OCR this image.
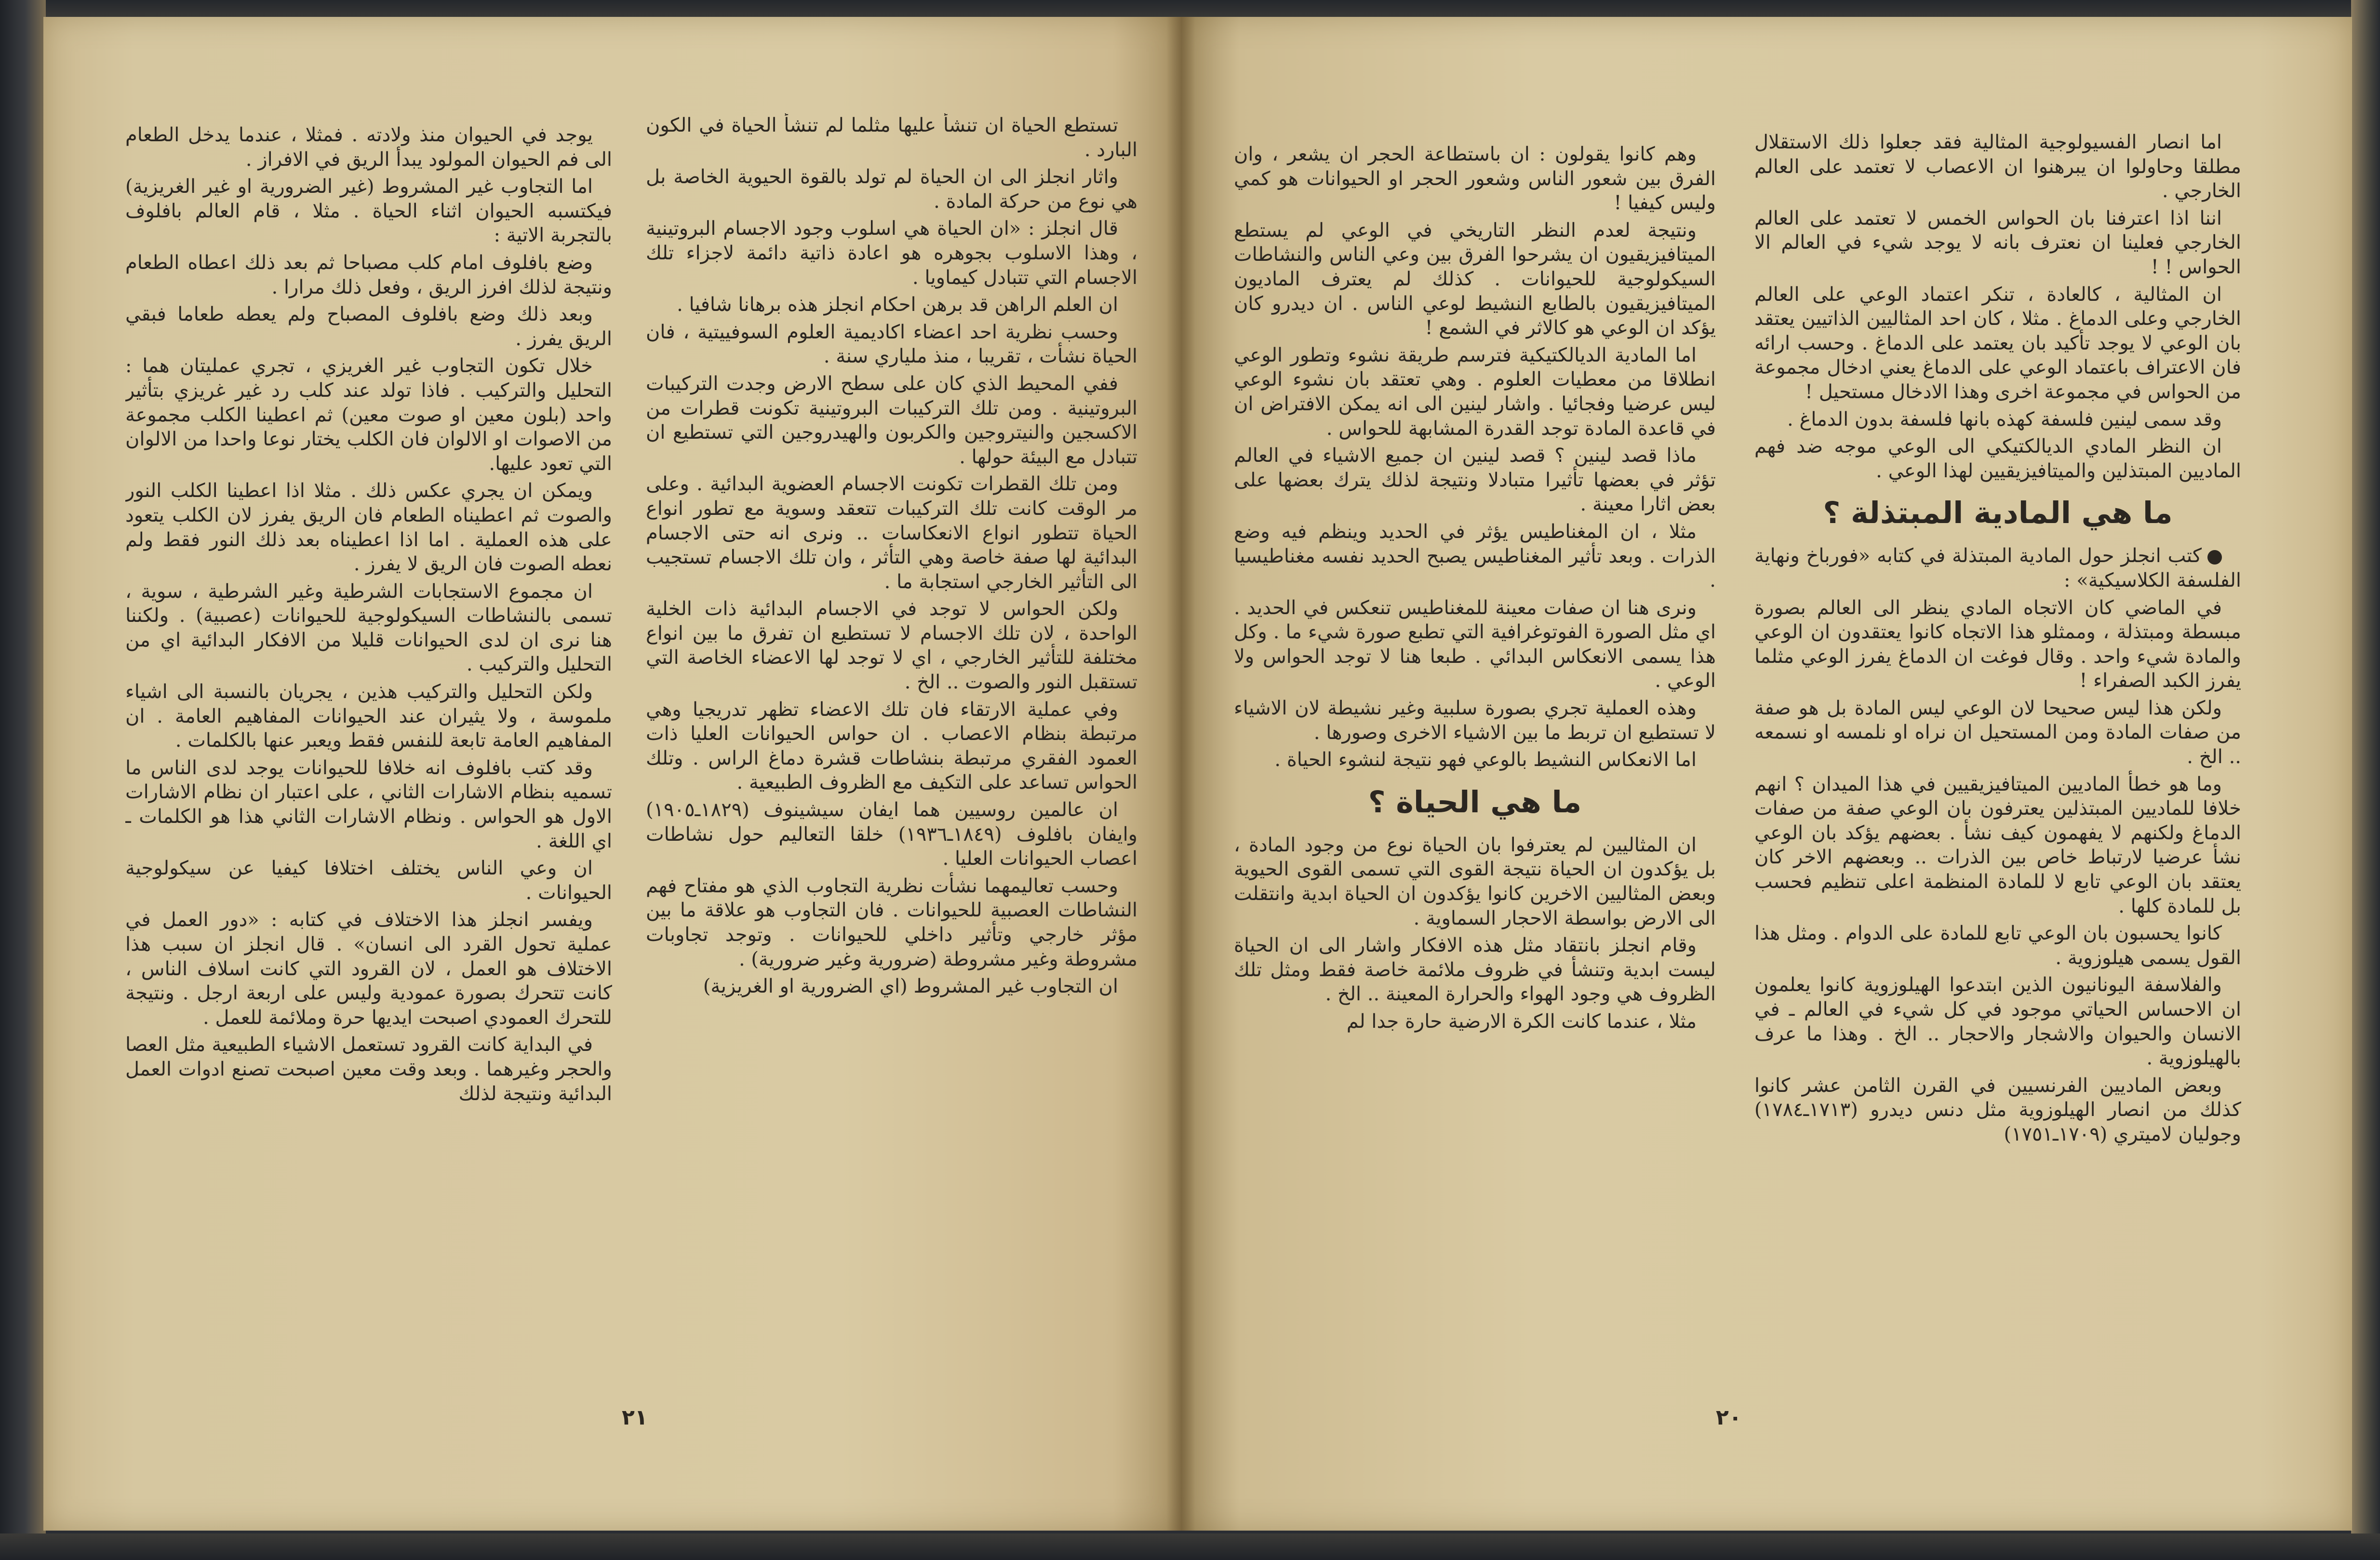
يوجد في الحيوان منذ ولادته . فمثلا ، عندما يدخل الطعام الى فم الحيوان المولود يبدأ الريق في الافراز .

اما التجاوب غير المشروط (غير الضرورية او غير الغريزية) فيكتسبه الحيوان اثناء الحياة . مثلا ، قام العالم بافلوف بالتجربة الاتية :

وضع بافلوف امام كلب مصباحا ثم بعد ذلك اعطاه الطعام ونتيجة لذلك افرز الريق ، وفعل ذلك مرارا .

وبعد ذلك وضع بافلوف المصباح ولم يعطه طعاما فبقي الريق يفرز .

خلال تكون التجاوب غير الغريزي ، تجري عمليتان هما : التحليل والتركيب . فاذا تولد عند كلب رد غير غريزي بتأثير واحد (بلون معين او صوت معين) ثم اعطينا الكلب مجموعة من الاصوات او الالوان فان الكلب يختار نوعا واحدا من الالوان التي تعود عليها.

ويمكن ان يجري عكس ذلك . مثلا اذا اعطينا الكلب النور والصوت ثم اعطيناه الطعام فان الريق يفرز لان الكلب يتعود على هذه العملية . اما اذا اعطيناه بعد ذلك النور فقط ولم نعطه الصوت فان الريق لا يفرز .

ان مجموع الاستجابات الشرطية وغير الشرطية ، سوية ، تسمى بالنشاطات السيكولوجية للحيوانات (عصبية) . ولكننا هنا نرى ان لدى الحيوانات قليلا من الافكار البدائية اي من التحليل والتركيب .

ولكن التحليل والتركيب هذين ، يجريان بالنسبة الى اشياء ملموسة ، ولا يثيران عند الحيوانات المفاهيم العامة . ان المفاهيم العامة تابعة للنفس فقط ويعبر عنها بالكلمات .

وقد كتب بافلوف انه خلافا للحيوانات يوجد لدى الناس ما تسميه بنظام الاشارات الثاني ، على اعتبار ان نظام الاشارات الاول هو الحواس . ونظام الاشارات الثاني هذا هو الكلمات ـ اي اللغة .

ان وعي الناس يختلف اختلافا كيفيا عن سيكولوجية الحيوانات .

ويفسر انجلز هذا الاختلاف في كتابه : «دور العمل في عملية تحول القرد الى انسان» . قال انجلز ان سبب هذا الاختلاف هو العمل ، لان القرود التي كانت اسلاف الناس ، كانت تتحرك بصورة عمودية وليس على اربعة ارجل . ونتيجة للتحرك العمودي اصبحت ايديها حرة وملائمة للعمل .

في البداية كانت القرود تستعمل الاشياء الطبيعية مثل العصا والحجر وغيرهما . وبعد وقت معين اصبحت تصنع ادوات العمل البدائية ونتيجة لذلك

تستطع الحياة ان تنشأ عليها مثلما لم تنشأ الحياة في الكون البارد .

واثار انجلز الى ان الحياة لم تولد بالقوة الحيوية الخاصة بل هي نوع من حركة المادة .

قال انجلز : «ان الحياة هي اسلوب وجود الاجسام البروتينية ، وهذا الاسلوب بجوهره هو اعادة ذاتية دائمة لاجزاء تلك الاجسام التي تتبادل كيماويا .

ان العلم الراهن قد برهن احكام انجلز هذه برهانا شافيا .

وحسب نظرية احد اعضاء اكاديمية العلوم السوفييتية ، فان الحياة نشأت ، تقريبا ، منذ ملياري سنة .

ففي المحيط الذي كان على سطح الارض وجدت التركيبات البروتينية . ومن تلك التركيبات البروتينية تكونت قطرات من الاكسجين والنيتروجين والكربون والهيدروجين التي تستطيع ان تتبادل مع البيئة حولها .

ومن تلك القطرات تكونت الاجسام العضوية البدائية . وعلى مر الوقت كانت تلك التركيبات تتعقد وسوية مع تطور انواع الحياة تتطور انواع الانعكاسات .. ونرى انه حتى الاجسام البدائية لها صفة خاصة وهي التأثر ، وان تلك الاجسام تستجيب الى التأثير الخارجي استجابة ما .

ولكن الحواس لا توجد في الاجسام البدائية ذات الخلية الواحدة ، لان تلك الاجسام لا تستطيع ان تفرق ما بين انواع مختلفة للتأثير الخارجي ، اي لا توجد لها الاعضاء الخاصة التي تستقبل النور والصوت .. الخ .

وفي عملية الارتقاء فان تلك الاعضاء تظهر تدريجيا وهي مرتبطة بنظام الاعصاب . ان حواس الحيوانات العليا ذات العمود الفقري مرتبطة بنشاطات قشرة دماغ الراس . وتلك الحواس تساعد على التكيف مع الظروف الطبيعية .

ان عالمين روسيين هما ايفان سيشينوف (١٨٢٩ـ١٩٠٥) وايفان بافلوف (١٨٤٩ـ١٩٣٦) خلقا التعاليم حول نشاطات اعصاب الحيوانات العليا .

وحسب تعاليمهما نشأت نظرية التجاوب الذي هو مفتاح فهم النشاطات العصبية للحيوانات . فان التجاوب هو علاقة ما بين مؤثر خارجي وتأثير داخلي للحيوانات . وتوجد تجاوبات مشروطة وغير مشروطة (ضرورية وغير ضرورية) .

ان التجاوب غير المشروط (اي الضرورية او الغريزية)

٢١

وهم كانوا يقولون : ان باستطاعة الحجر ان يشعر ، وان الفرق بين شعور الناس وشعور الحجر او الحيوانات هو كمي وليس كيفيا !

ونتيجة لعدم النظر التاريخي في الوعي لم يستطع الميتافيزيقيون ان يشرحوا الفرق بين وعي الناس والنشاطات السيكولوجية للحيوانات . كذلك لم يعترف الماديون الميتافيزيقيون بالطابع النشيط لوعي الناس . ان ديدرو كان يؤكد ان الوعي هو كالاثر في الشمع !

اما المادية الديالكتيكية فترسم طريقة نشوء وتطور الوعي انطلاقا من معطيات العلوم . وهي تعتقد بان نشوء الوعي ليس عرضيا وفجائيا . واشار لينين الى انه يمكن الافتراض ان في قاعدة المادة توجد القدرة المشابهة للحواس .

ماذا قصد لينين ؟ قصد لينين ان جميع الاشياء في العالم تؤثر في بعضها تأثيرا متبادلا ونتيجة لذلك يترك بعضها على بعض اثارا معينة .

مثلا ، ان المغناطيس يؤثر في الحديد وينظم فيه وضع الذرات . وبعد تأثير المغناطيس يصبح الحديد نفسه مغناطيسيا .

ونرى هنا ان صفات معينة للمغناطيس تنعكس في الحديد . اي مثل الصورة الفوتوغرافية التي تطبع صورة شيء ما . وكل هذا يسمى الانعكاس البدائي . طبعا هنا لا توجد الحواس ولا الوعي .

وهذه العملية تجري بصورة سلبية وغير نشيطة لان الاشياء لا تستطيع ان تربط ما بين الاشياء الاخرى وصورها .

اما الانعكاس النشيط بالوعي فهو نتيجة لنشوء الحياة .

ما هي الحياة ؟

ان المثاليين لم يعترفوا بان الحياة نوع من وجود المادة ، بل يؤكدون ان الحياة نتيجة القوى التي تسمى القوى الحيوية وبعض المثاليين الاخرين كانوا يؤكدون ان الحياة ابدية وانتقلت الى الارض بواسطة الاحجار السماوية .

وقام انجلز بانتقاد مثل هذه الافكار واشار الى ان الحياة ليست ابدية وتنشأ في ظروف ملائمة خاصة فقط ومثل تلك الظروف هي وجود الهواء والحرارة المعينة .. الخ .

مثلا ، عندما كانت الكرة الارضية حارة جدا لم

اما انصار الفسيولوجية المثالية فقد جعلوا ذلك الاستقلال مطلقا وحاولوا ان يبرهنوا ان الاعصاب لا تعتمد على العالم الخارجي .

اننا اذا اعترفنا بان الحواس الخمس لا تعتمد على العالم الخارجي فعلينا ان نعترف بانه لا يوجد شيء في العالم الا الحواس ! !

ان المثالية ، كالعادة ، تنكر اعتماد الوعي على العالم الخارجي وعلى الدماغ . مثلا ، كان احد المثاليين الذاتيين يعتقد بان الوعي لا يوجد تأكيد بان يعتمد على الدماغ . وحسب ارائه فان الاعتراف باعتماد الوعي على الدماغ يعني ادخال مجموعة من الحواس في مجموعة اخرى وهذا الادخال مستحيل !

وقد سمى لينين فلسفة كهذه بانها فلسفة بدون الدماغ .

ان النظر المادي الديالكتيكي الى الوعي موجه ضد فهم الماديين المبتذلين والميتافيزيقيين لهذا الوعي .

ما هي المادية المبتذلة ؟

كتب انجلز حول المادية المبتذلة في كتابه «فورباخ ونهاية الفلسفة الكلاسيكية» :

في الماضي كان الاتجاه المادي ينظر الى العالم بصورة مبسطة ومبتذلة ، وممثلو هذا الاتجاه كانوا يعتقدون ان الوعي والمادة شيء واحد . وقال فوغت ان الدماغ يفرز الوعي مثلما يفرز الكبد الصفراء !

ولكن هذا ليس صحيحا لان الوعي ليس المادة بل هو صفة من صفات المادة ومن المستحيل ان نراه او نلمسه او نسمعه .. الخ .

وما هو خطأ الماديين الميتافيزيقيين في هذا الميدان ؟ انهم خلافا للماديين المبتذلين يعترفون بان الوعي صفة من صفات الدماغ ولكنهم لا يفهمون كيف نشأ . بعضهم يؤكد بان الوعي نشأ عرضيا لارتباط خاص بين الذرات .. وبعضهم الاخر كان يعتقد بان الوعي تابع لا للمادة المنظمة اعلى تنظيم فحسب بل للمادة كلها .

كانوا يحسبون بان الوعي تابع للمادة على الدوام . ومثل هذا القول يسمى هيلوزوية .

والفلاسفة اليونانيون الذين ابتدعوا الهيلوزوية كانوا يعلمون ان الاحساس الحياتي موجود في كل شيء في العالم ـ في الانسان والحيوان والاشجار والاحجار .. الخ . وهذا ما عرف بالهيلوزوية .

وبعض الماديين الفرنسيين في القرن الثامن عشر كانوا كذلك من انصار الهيلوزوية مثل دنس ديدرو (١٧١٣ـ١٧٨٤) وجوليان لاميتري (١٧٠٩ـ١٧٥١)

٢٠
